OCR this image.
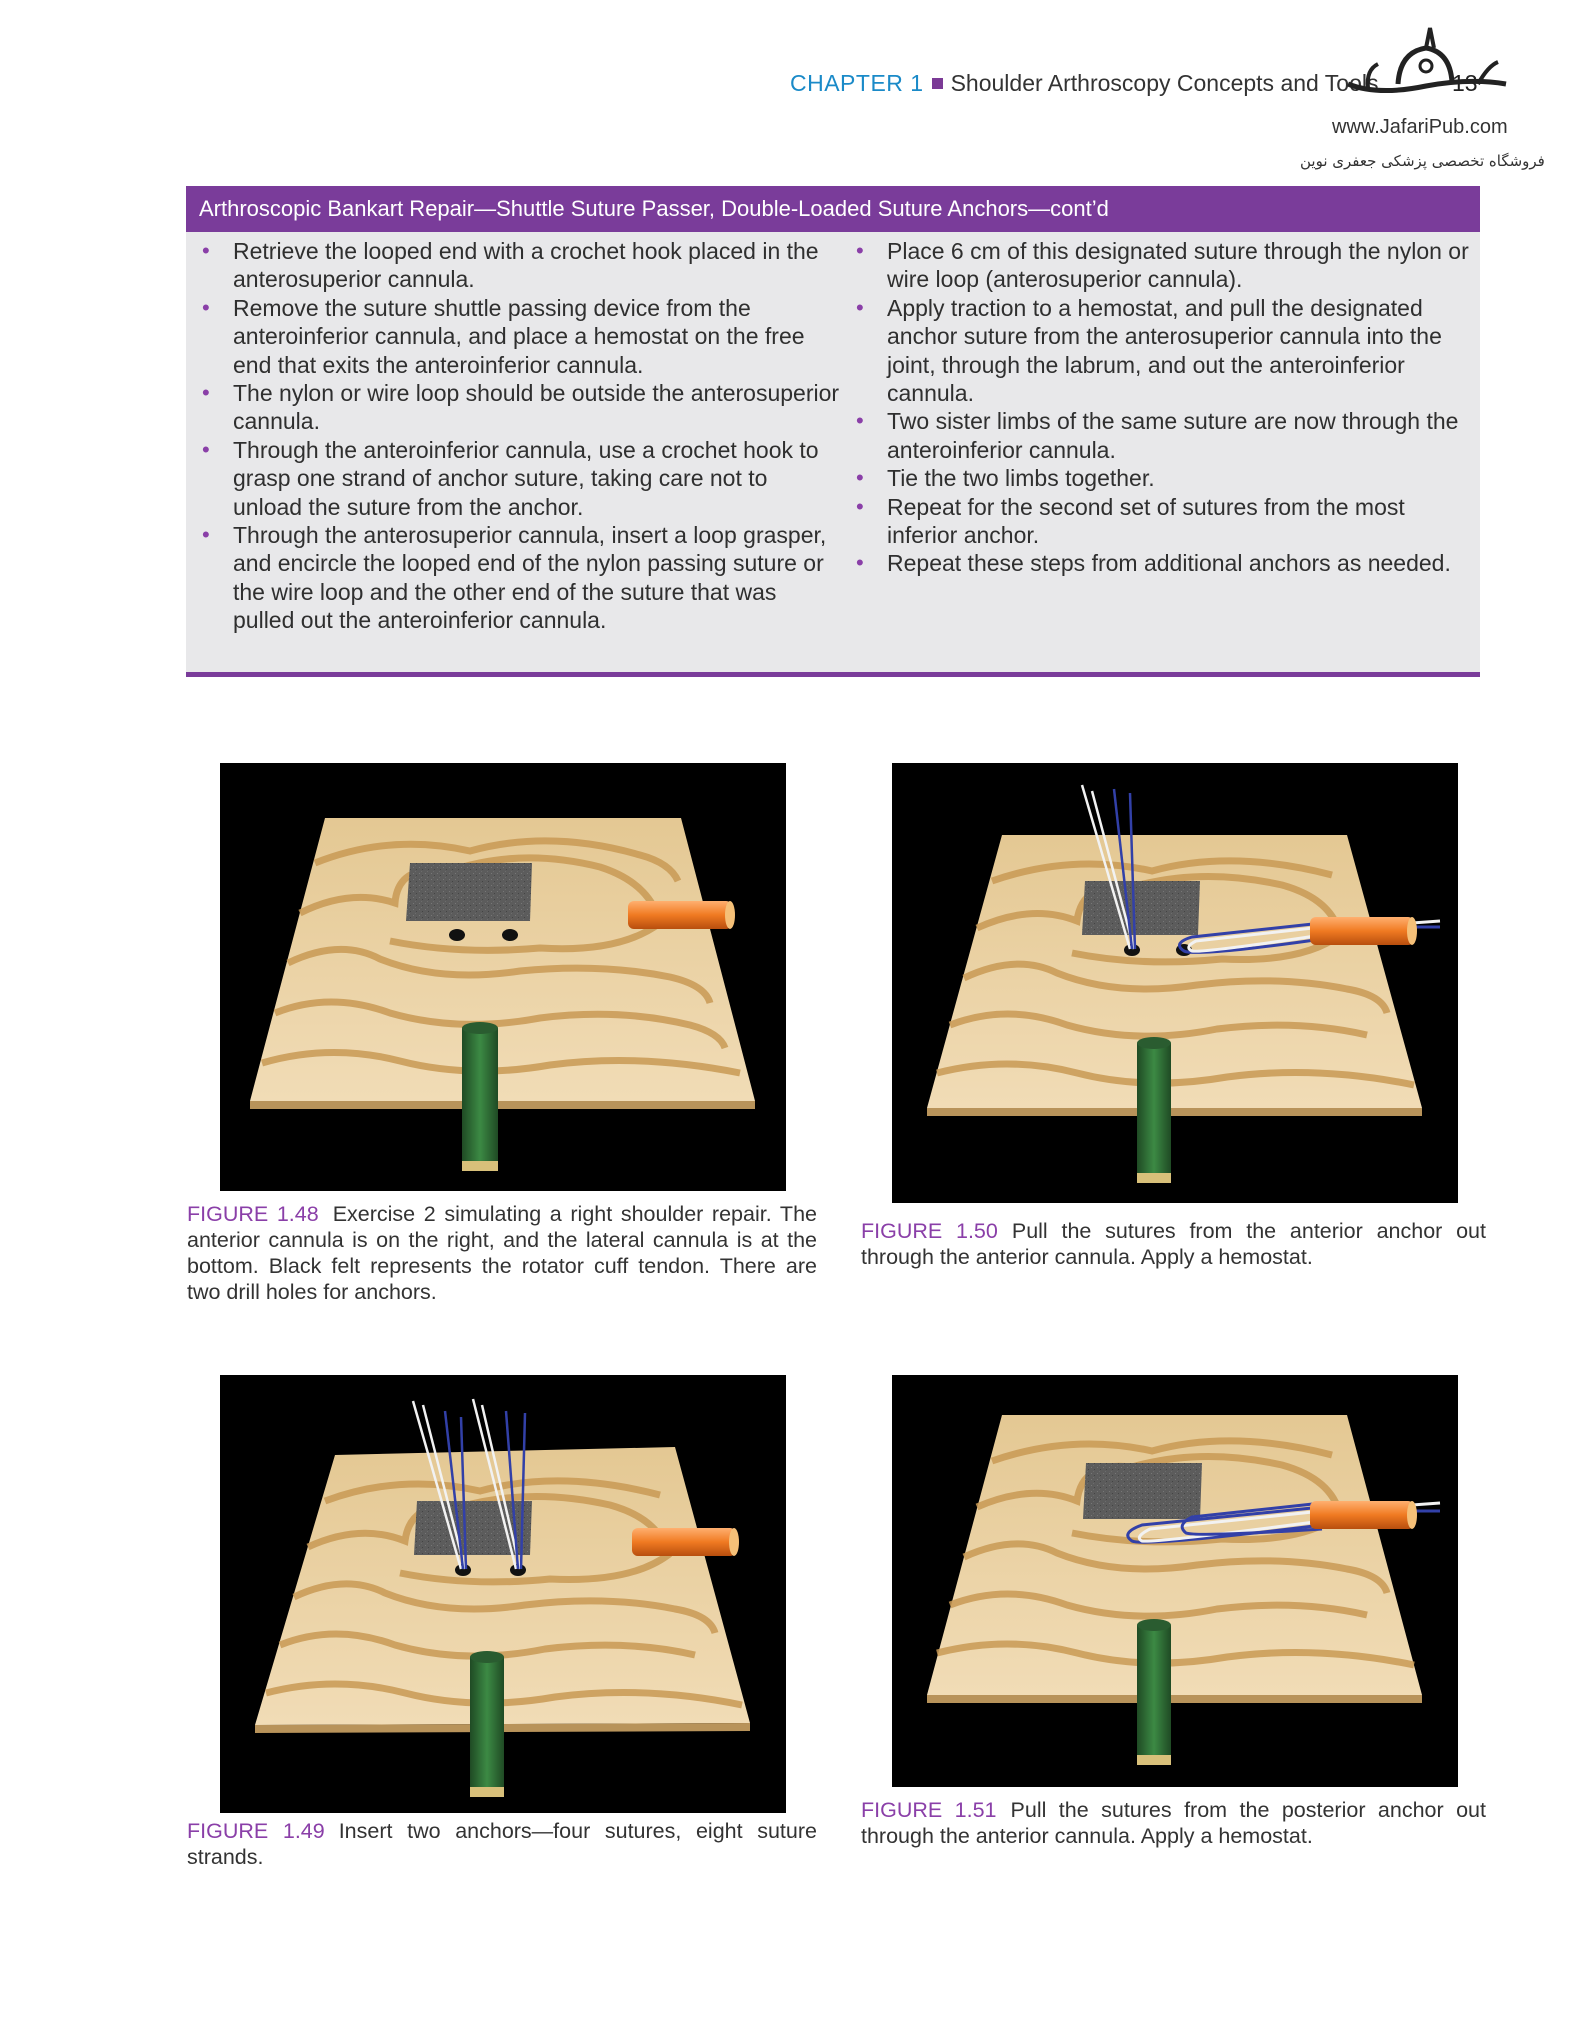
CHAPTER 1 Shoulder Arthroscopy Concepts and Tools	13
www.JafariPub.com
فروشگاه تخصصی پزشکی جعفری نوین
Arthroscopic Bankart Repair—Shuttle Suture Passer, Double-Loaded Suture Anchors—cont’d
• Retrieve the looped end with a crochet hook placed in the anterosuperior cannula.
• Remove the suture shuttle passing device from the anteroinferior cannula, and place a hemostat on the free end that exits the anteroinferior cannula.
• The nylon or wire loop should be outside the anterosuperior cannula.
• Through the anteroinferior cannula, use a crochet hook to grasp one strand of anchor suture, taking care not to unload the suture from the anchor.
• Through the anterosuperior cannula, insert a loop grasper, and encircle the looped end of the nylon passing suture or the wire loop and the other end of the suture that was pulled out the anteroinferior cannula.
• Place 6 cm of this designated suture through the nylon or wire loop (anterosuperior cannula).
• Apply traction to a hemostat, and pull the designated anchor suture from the anterosuperior cannula into the joint, through the labrum, and out the anteroinferior cannula.
• Two sister limbs of the same suture are now through the anteroinferior cannula.
• Tie the two limbs together.
• Repeat for the second set of sutures from the most inferior anchor.
• Repeat these steps from additional anchors as needed.
FIGURE 1.48 Exercise 2 simulating a right shoulder repair. The anterior cannula is on the right, and the lateral cannula is at the bottom. Black felt represents the rotator cuff tendon. There are two drill holes for anchors.
FIGURE 1.50 Pull the sutures from the anterior anchor out through the anterior cannula. Apply a hemostat.
FIGURE 1.49 Insert two anchors—four sutures, eight suture strands.
FIGURE 1.51 Pull the sutures from the posterior anchor out through the anterior cannula. Apply a hemostat.
